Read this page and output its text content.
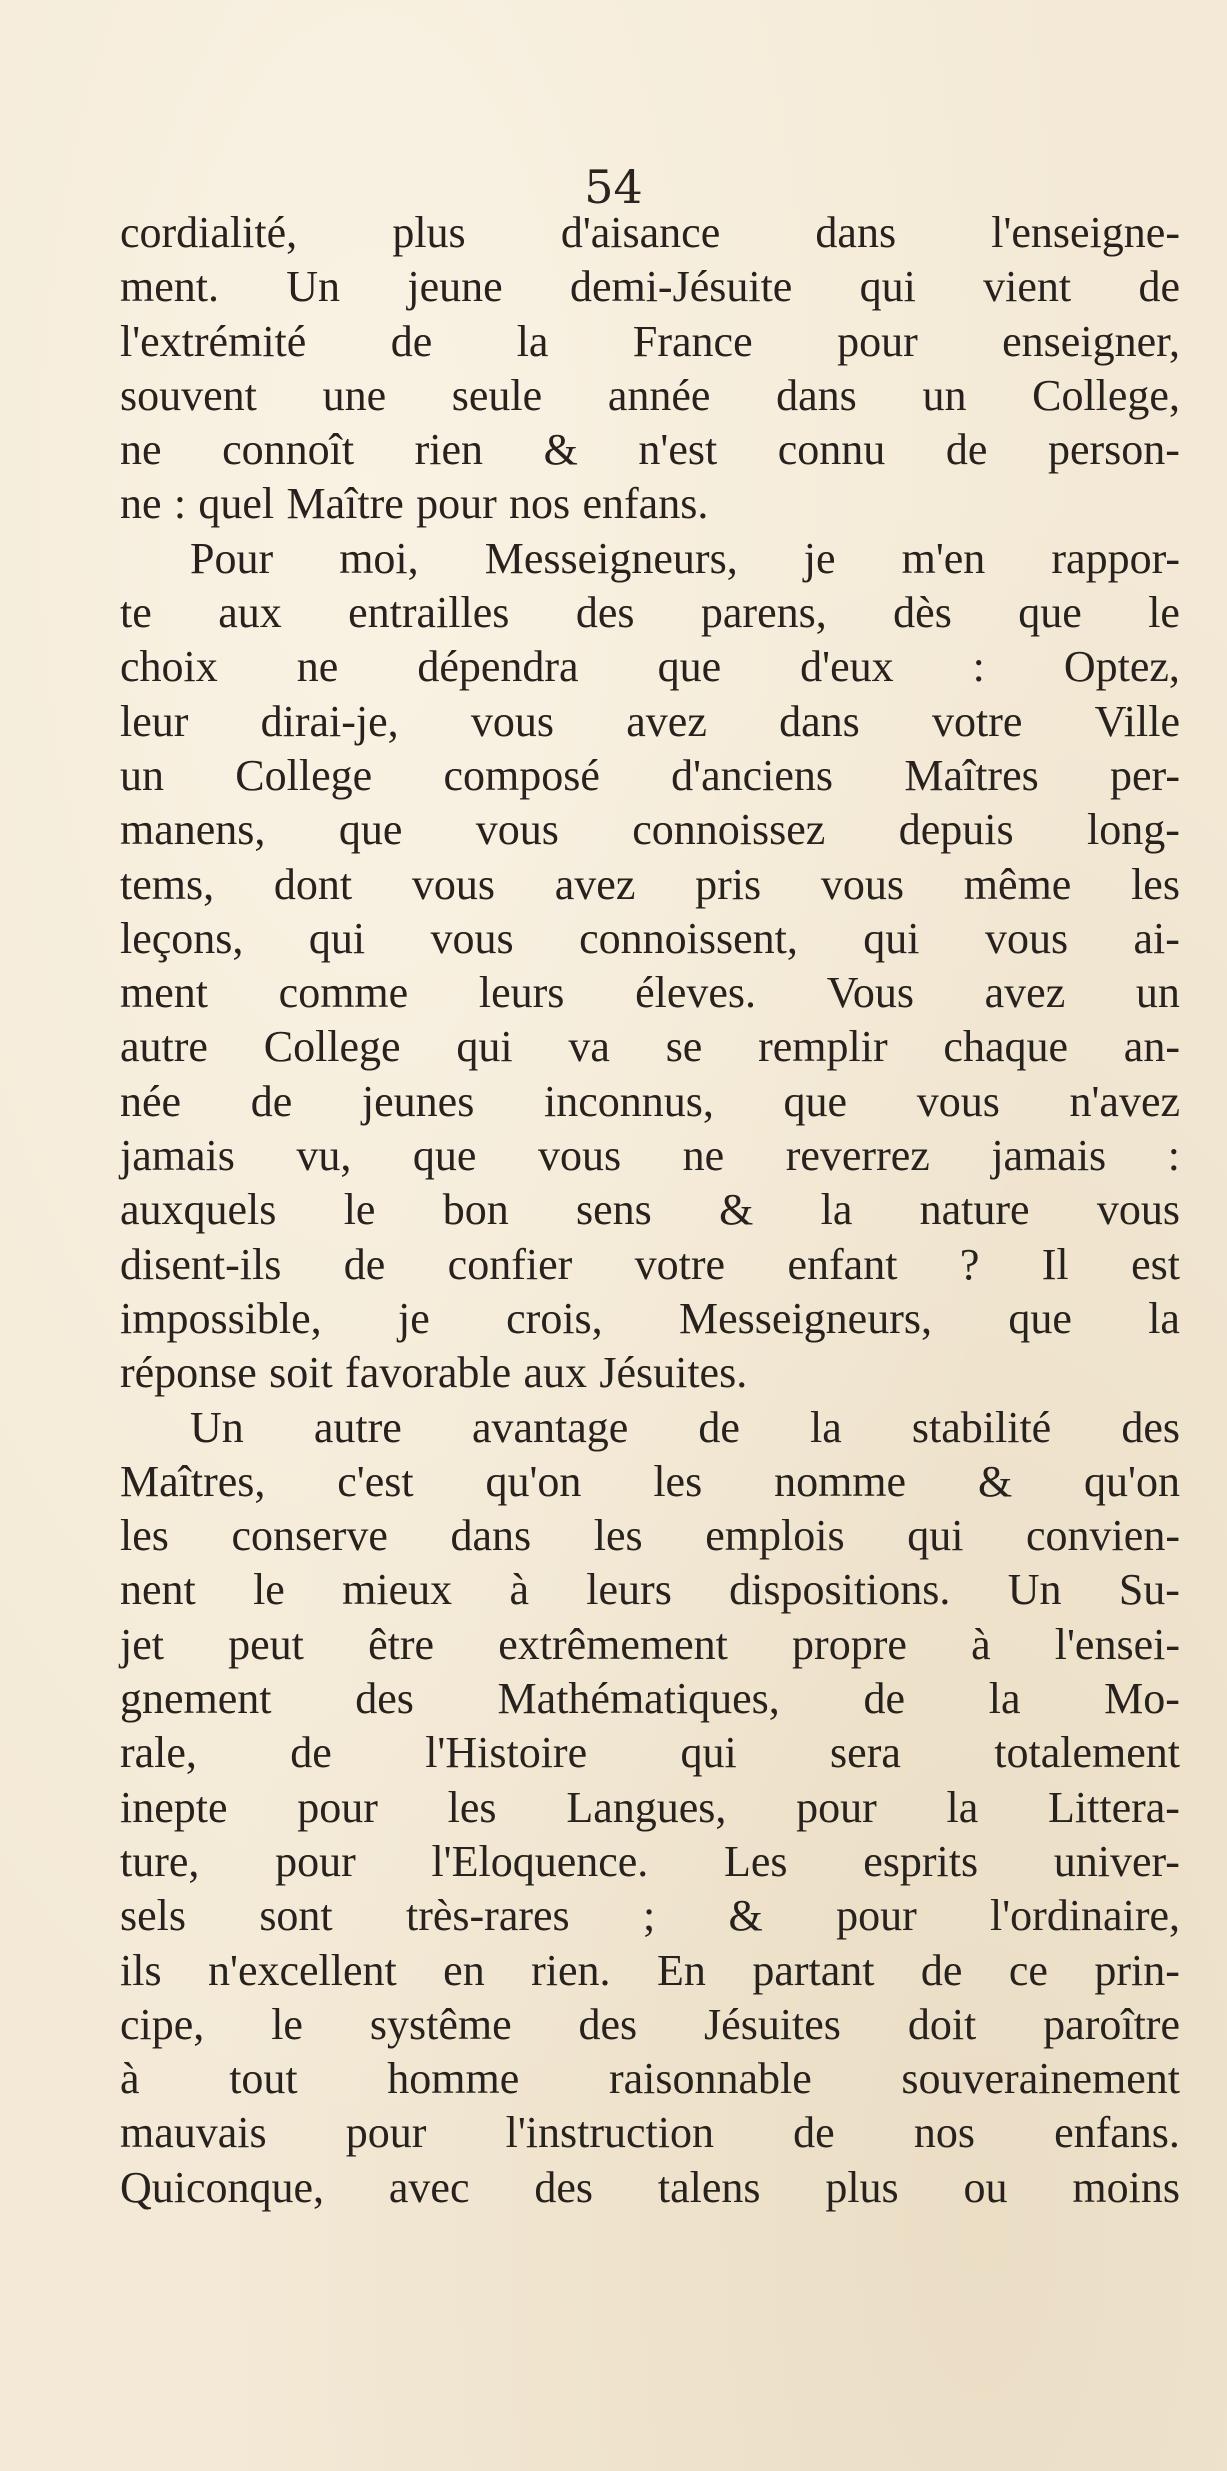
54
cordialité, plus d'aisance dans l'enseigne-
ment. Un jeune demi-Jésuite qui vient de
l'extrémité de la France pour enseigner,
souvent une seule année dans un College,
ne connoît rien & n'est connu de person-
ne : quel Maître pour nos enfans.
Pour moi, Messeigneurs, je m'en rappor-
te aux entrailles des parens, dès que le
choix ne dépendra que d'eux : Optez,
leur dirai-je, vous avez dans votre Ville
un College composé d'anciens Maîtres per-
manens, que vous connoissez depuis long-
tems, dont vous avez pris vous même les
leçons, qui vous connoissent, qui vous ai-
ment comme leurs éleves. Vous avez un
autre College qui va se remplir chaque an-
née de jeunes inconnus, que vous n'avez
jamais vu, que vous ne reverrez jamais :
auxquels le bon sens & la nature vous
disent-ils de confier votre enfant ? Il est
impossible, je crois, Messeigneurs, que la
réponse soit favorable aux Jésuites.
Un autre avantage de la stabilité des
Maîtres, c'est qu'on les nomme & qu'on
les conserve dans les emplois qui convien-
nent le mieux à leurs dispositions. Un Su-
jet peut être extrêmement propre à l'ensei-
gnement des Mathématiques, de la Mo-
rale, de l'Histoire qui sera totalement
inepte pour les Langues, pour la Littera-
ture, pour l'Eloquence. Les esprits univer-
sels sont très-rares ; & pour l'ordinaire,
ils n'excellent en rien. En partant de ce prin-
cipe, le systême des Jésuites doit paroître
à tout homme raisonnable souverainement
mauvais pour l'instruction de nos enfans.
Quiconque, avec des talens plus ou moins
